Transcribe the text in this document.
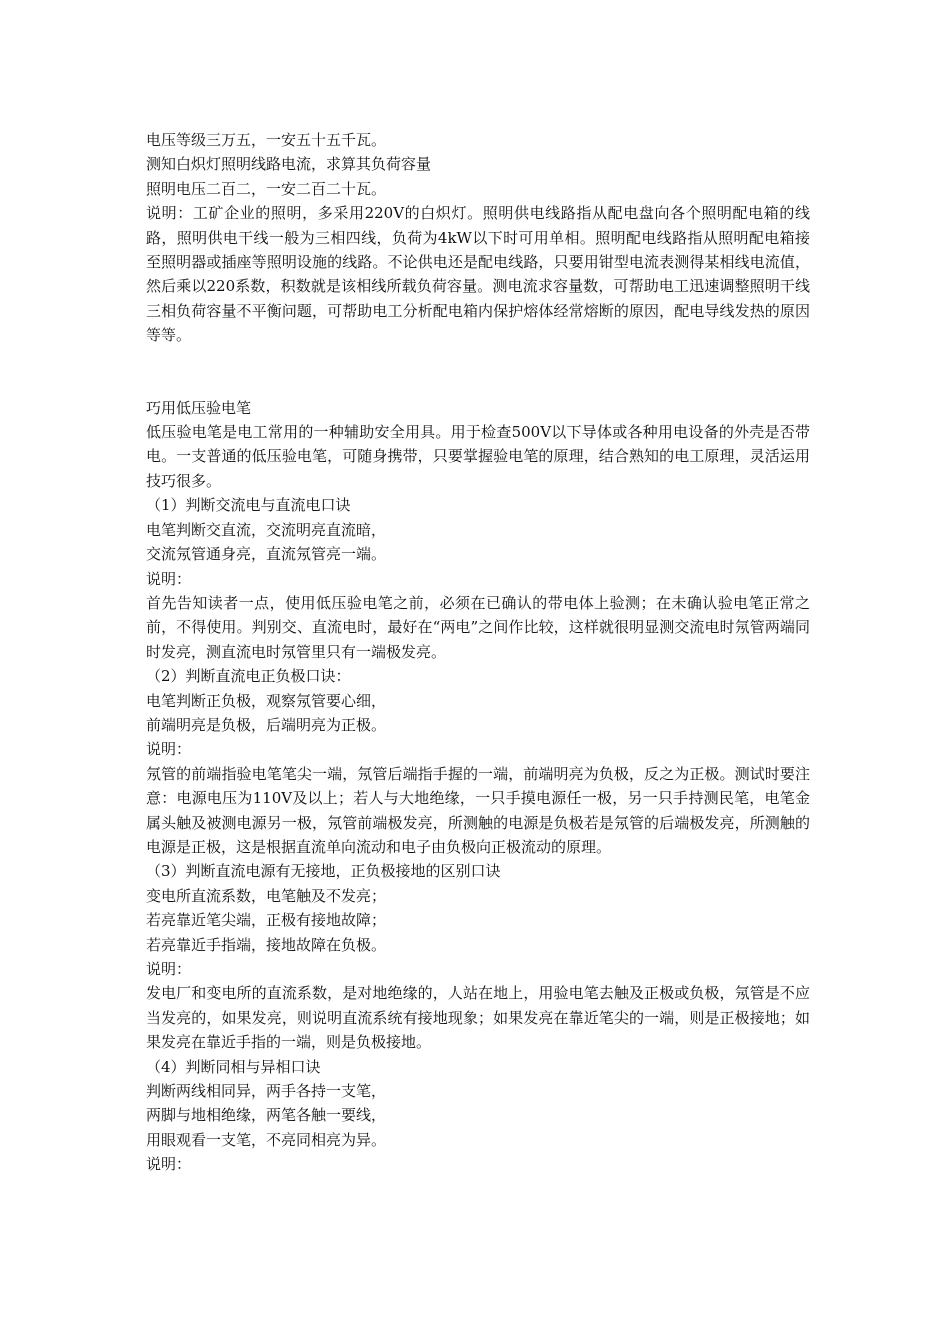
电压等级三万五，一安五十五千瓦。

测知白炽灯照明线路电流，求算其负荷容量

照明电压二百二，一安二百二十瓦。

说明：工矿企业的照明，多采用220V的白炽灯。照明供电线路指从配电盘向各个照明配电箱的线路，照明供电干线一般为三相四线，负荷为4kW以下时可用单相。照明配电线路指从照明配电箱接至照明器或插座等照明设施的线路。不论供电还是配电线路，只要用钳型电流表测得某相线电流值，然后乘以220系数，积数就是该相线所载负荷容量。测电流求容量数，可帮助电工迅速调整照明干线三相负荷容量不平衡问题，可帮助电工分析配电箱内保护熔体经常熔断的原因，配电导线发热的原因等等。

巧用低压验电笔

低压验电笔是电工常用的一种辅助安全用具。用于检查500V以下导体或各种用电设备的外壳是否带电。一支普通的低压验电笔，可随身携带，只要掌握验电笔的原理，结合熟知的电工原理，灵活运用技巧很多。

（1）判断交流电与直流电口诀

电笔判断交直流，交流明亮直流暗，

交流氖管通身亮，直流氖管亮一端。

说明：

首先告知读者一点，使用低压验电笔之前，必须在已确认的带电体上验测；在未确认验电笔正常之前，不得使用。判别交、直流电时，最好在“两电”之间作比较，这样就很明显测交流电时氖管两端同时发亮，测直流电时氖管里只有一端极发亮。

（2）判断直流电正负极口诀：

电笔判断正负极，观察氖管要心细，

前端明亮是负极，后端明亮为正极。

说明：

氖管的前端指验电笔笔尖一端，氖管后端指手握的一端，前端明亮为负极，反之为正极。测试时要注意：电源电压为110V及以上；若人与大地绝缘，一只手摸电源任一极，另一只手持测民笔，电笔金属头触及被测电源另一极，氖管前端极发亮，所测触的电源是负极若是氖管的后端极发亮，所测触的电源是正极，这是根据直流单向流动和电子由负极向正极流动的原理。

（3）判断直流电源有无接地，正负极接地的区别口诀

变电所直流系数，电笔触及不发亮；

若亮靠近笔尖端，正极有接地故障；

若亮靠近手指端，接地故障在负极。

说明：

发电厂和变电所的直流系数，是对地绝缘的，人站在地上，用验电笔去触及正极或负极，氖管是不应当发亮的，如果发亮，则说明直流系统有接地现象；如果发亮在靠近笔尖的一端，则是正极接地；如果发亮在靠近手指的一端，则是负极接地。

（4）判断同相与异相口诀

判断两线相同异，两手各持一支笔，

两脚与地相绝缘，两笔各触一要线，

用眼观看一支笔，不亮同相亮为异。

说明：
